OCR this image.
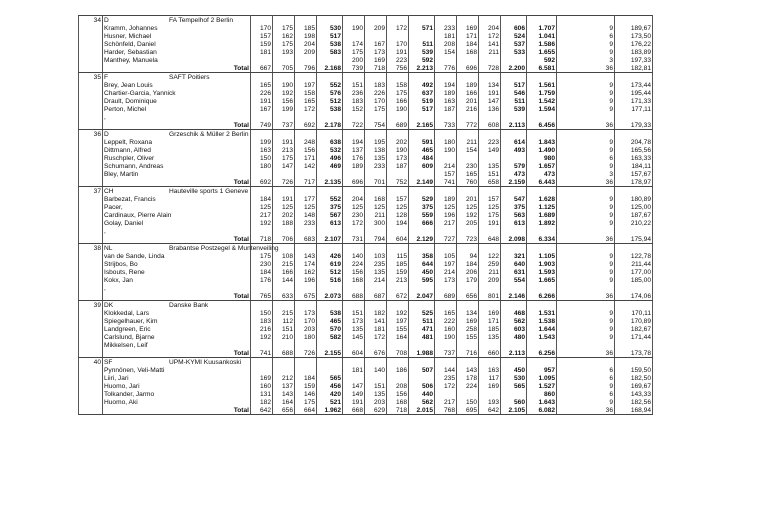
34	D FA Tempelhof 2 Berlin															

	Kramm, Johannes	170	175	185	530	190	209	172	571	233	169	204	606	1.707	9	189,67
	Husner, Michael	157	162	198	517					181	171	172	524	1.041	6	173,50
	Schönfeld, Daniel	159	175	204	538	174	167	170	511	208	184	141	537	1.586	9	176,22
	Harder, Sebastian	181	193	209	583	175	173	191	539	154	168	211	533	1.655	9	183,89
	Manthey, Manuela					200	169	223	592					592	3	197,33
	Total	667	705	796	2.168	739	718	756	2.213	776	696	728	2.200	6.581	36	182,81
35	F SAFT Poitiers															

	Brey, Jean Louis	165	190	197	552	151	183	158	492	194	189	134	517	1.561	9	173,44
	Chartier-Garcia, Yannick	226	192	158	576	236	226	175	637	189	166	191	546	1.759	9	195,44
	Drault, Dominique	191	156	165	512	183	170	166	519	163	201	147	511	1.542	9	171,33
	Perton, Michel	167	199	172	538	152	175	190	517	187	216	136	539	1.594	9	177,11
	,															
	Total	749	737	692	2.178	722	754	689	2.165	733	772	608	2.113	6.456	36	179,33
36	D Grzeschik & Müller 2 Berlin															

	Leppelt, Roxana	199	191	248	638	194	195	202	591	180	211	223	614	1.843	9	204,78
	Dittmann, Alfred	163	213	156	532	137	138	190	465	190	154	149	493	1.490	9	165,56
	Ruschpler, Oliver	150	175	171	496	176	135	173	484					980	6	163,33
	Schumann, Andreas	180	147	142	469	189	233	187	609	214	230	135	579	1.657	9	184,11
	Bley, Martin									157	165	151	473	473	3	157,67
	Total	692	726	717	2.135	696	701	752	2.149	741	760	658	2.159	6.443	36	178,97
37	CH Hauteville sports 1 Geneve															

	Barbezat, Francis	184	191	177	552	204	168	157	529	189	201	157	547	1.628	9	180,89
	Pacer,	125	125	125	375	125	125	125	375	125	125	125	375	1.125	9	125,00
	Cardinaux, Pierre Alain	217	202	148	567	230	211	128	559	196	192	175	563	1.689	9	187,67
	Golay, Daniel	192	188	233	613	172	300	194	666	217	205	191	613	1.892	9	210,22
	,															
	Total	718	706	683	2.107	731	794	604	2.129	727	723	648	2.098	6.334	36	175,94
38	NL Brabantse Postzegel & Muntenveiling															

	van de Sande, Linda	175	108	143	426	140	103	115	358	105	94	122	321	1.105	9	122,78
	Strijbos, Bo	230	215	174	619	224	235	185	644	197	184	259	640	1.903	9	211,44
	Isbouts, Rene	184	166	162	512	156	135	159	450	214	206	211	631	1.593	9	177,00
	Kokx, Jan	176	144	196	516	168	214	213	595	173	179	209	554	1.665	9	185,00
	,															
	Total	765	633	675	2.073	688	687	672	2.047	689	656	801	2.146	6.266	36	174,06
39	DK Danske Bank															

	Klokkedal, Lars	150	215	173	538	151	182	192	525	165	134	169	468	1.531	9	170,11
	Spiegelhauer, Kim	183	112	170	465	173	141	197	511	222	169	171	562	1.538	9	170,89
	Landgreen, Eric	216	151	203	570	135	181	155	471	160	258	185	603	1.644	9	182,67
	Carlslund, Bjarne	192	210	180	582	145	172	164	481	190	155	135	480	1.543	9	171,44
	Mikkelsen, Leif															
	Total	741	688	726	2.155	604	676	708	1.988	737	716	660	2.113	6.256	36	173,78
40	SF UPM-KYMI Kuusankoski															

	Pynnönen, Veli-Matti					181	140	186	507	144	143	163	450	957	6	159,50
	Liiri, Jari	169	212	184	565					235	178	117	530	1.095	6	182,50
	Huomo, Jari	160	137	159	456	147	151	208	506	172	224	169	565	1.527	9	169,67
	Tolkander, Jarmo	131	143	146	420	149	135	156	440					860	6	143,33
	Huomo, Aki	182	164	175	521	191	203	168	562	217	150	193	560	1.643	9	182,56
	Total	642	656	664	1.962	668	629	718	2.015	768	695	642	2.105	6.082	36	168,94
